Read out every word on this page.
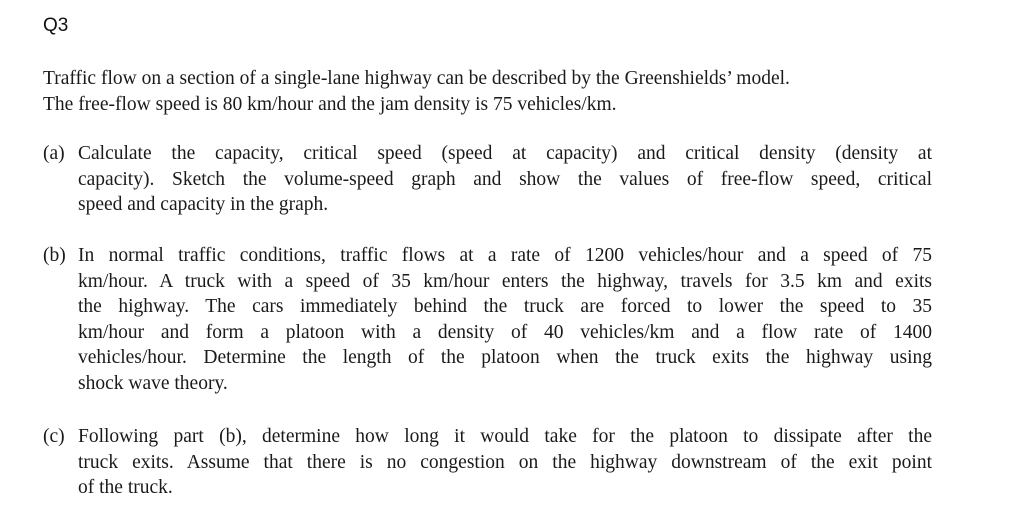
Q3
Traffic flow on a section of a single-lane highway can be described by the Greenshields’ model.
The free-flow speed is 80 km/hour and the jam density is 75 vehicles/km.
(a) Calculate the capacity, critical speed (speed at capacity) and critical density (density at
capacity). Sketch the volume-speed graph and show the values of free-flow speed, critical
speed and capacity in the graph.
(b) In normal traffic conditions, traffic flows at a rate of 1200 vehicles/hour and a speed of 75
km/hour. A truck with a speed of 35 km/hour enters the highway, travels for 3.5 km and exits
the highway. The cars immediately behind the truck are forced to lower the speed to 35
km/hour and form a platoon with a density of 40 vehicles/km and a flow rate of 1400
vehicles/hour. Determine the length of the platoon when the truck exits the highway using
shock wave theory.
(c) Following part (b), determine how long it would take for the platoon to dissipate after the
truck exits. Assume that there is no congestion on the highway downstream of the exit point
of the truck.
